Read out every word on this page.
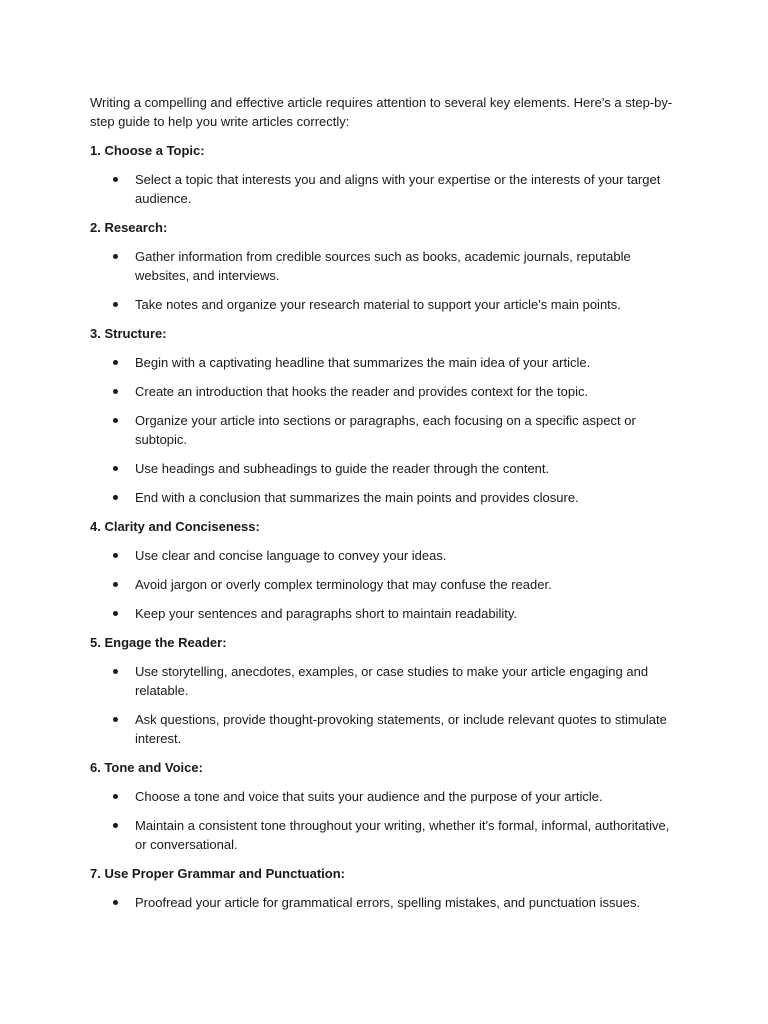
Writing a compelling and effective article requires attention to several key elements. Here's a step-by-step guide to help you write articles correctly:

1. Choose a Topic:
Select a topic that interests you and aligns with your expertise or the interests of your target audience.
2. Research:
Gather information from credible sources such as books, academic journals, reputable websites, and interviews.
Take notes and organize your research material to support your article's main points.
3. Structure:
Begin with a captivating headline that summarizes the main idea of your article.
Create an introduction that hooks the reader and provides context for the topic.
Organize your article into sections or paragraphs, each focusing on a specific aspect or subtopic.
Use headings and subheadings to guide the reader through the content.
End with a conclusion that summarizes the main points and provides closure.
4. Clarity and Conciseness:
Use clear and concise language to convey your ideas.
Avoid jargon or overly complex terminology that may confuse the reader.
Keep your sentences and paragraphs short to maintain readability.
5. Engage the Reader:
Use storytelling, anecdotes, examples, or case studies to make your article engaging and relatable.
Ask questions, provide thought-provoking statements, or include relevant quotes to stimulate interest.
6. Tone and Voice:
Choose a tone and voice that suits your audience and the purpose of your article.
Maintain a consistent tone throughout your writing, whether it's formal, informal, authoritative, or conversational.
7. Use Proper Grammar and Punctuation:
Proofread your article for grammatical errors, spelling mistakes, and punctuation issues.
